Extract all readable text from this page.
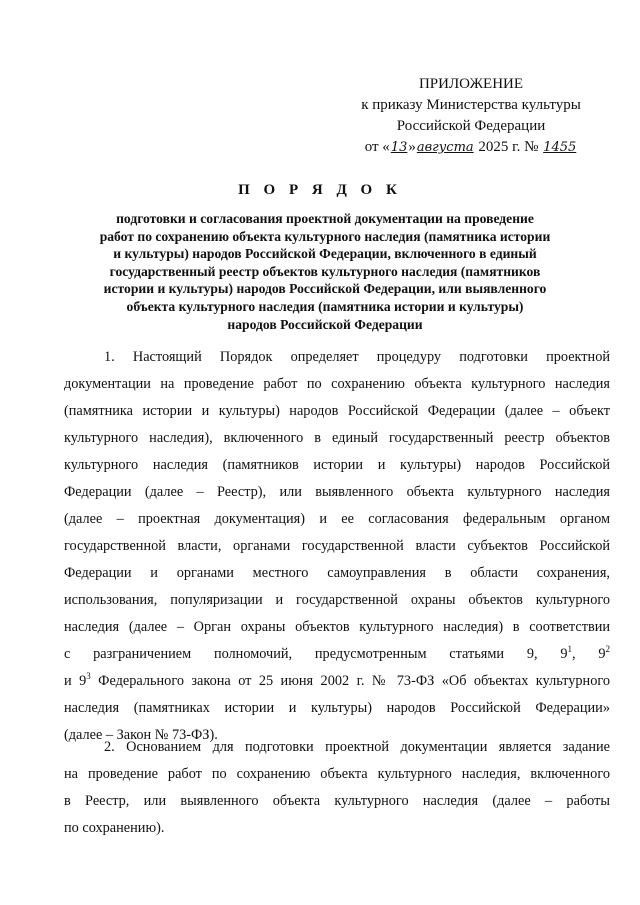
ПРИЛОЖЕНИЕ
к приказу Министерства культуры
Российской Федерации
от «13»августа 2025 г. № 1455
П О Р Я Д О К
подготовки и согласования проектной документации на проведение
работ по сохранению объекта культурного наследия (памятника истории
и культуры) народов Российской Федерации, включенного в единый
государственный реестр объектов культурного наследия (памятников
истории и культуры) народов Российской Федерации, или выявленного
объекта культурного наследия (памятника истории и культуры)
народов Российской Федерации
1. Настоящий Порядок определяет процедуру подготовки проектной
документации на проведение работ по сохранению объекта культурного наследия
(памятника истории и культуры) народов Российской Федерации (далее – объект
культурного наследия), включенного в единый государственный реестр объектов
культурного наследия (памятников истории и культуры) народов Российской
Федерации (далее – Реестр), или выявленного объекта культурного наследия
(далее – проектная документация) и ее согласования федеральным органом
государственной власти, органами государственной власти субъектов Российской
Федерации и органами местного самоуправления в области сохранения,
использования, популяризации и государственной охраны объектов культурного
наследия (далее – Орган охраны объектов культурного наследия) в соответствии
с разграничением полномочий, предусмотренным статьями 9, $9^1$, $9^2$
и $9^3$ Федерального закона от 25 июня 2002 г. № 73-ФЗ «Об объектах культурного
наследия (памятниках истории и культуры) народов Российской Федерации»
(далее – Закон № 73-ФЗ).
2. Основанием для подготовки проектной документации является задание
на проведение работ по сохранению объекта культурного наследия, включенного
в Реестр, или выявленного объекта культурного наследия (далее – работы
по сохранению).
